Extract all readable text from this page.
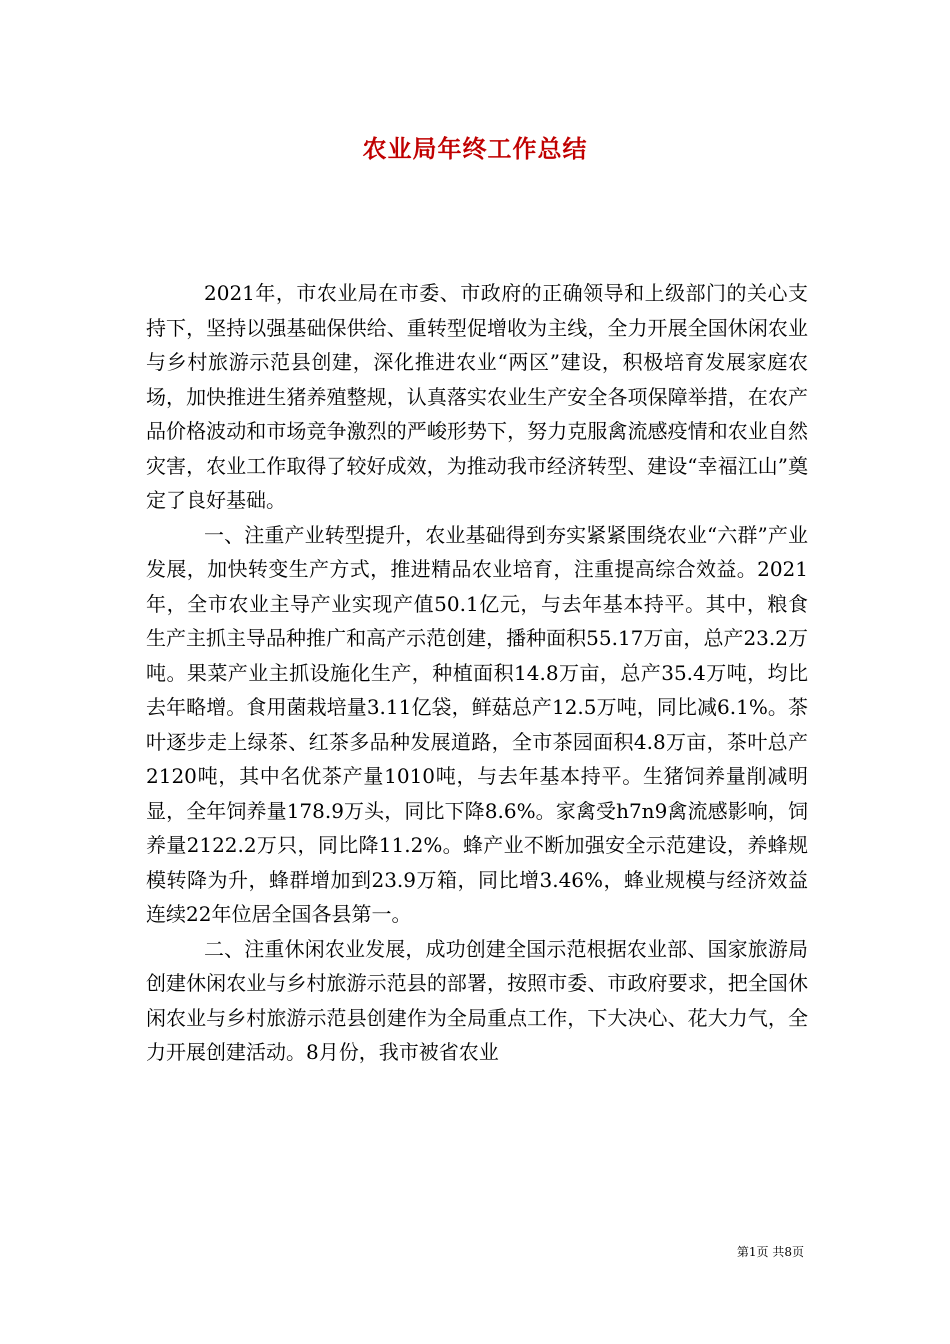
农业局年终工作总结

2021年，市农业局在市委、市政府的正确领导和上级部门的关心支持下，坚持以强基础保供给、重转型促增收为主线，全力开展全国休闲农业与乡村旅游示范县创建，深化推进农业“两区”建设，积极培育发展家庭农场，加快推进生猪养殖整规，认真落实农业生产安全各项保障举措，在农产品价格波动和市场竞争激烈的严峻形势下，努力克服禽流感疫情和农业自然灾害，农业工作取得了较好成效，为推动我市经济转型、建设“幸福江山”奠定了良好基础。

一、注重产业转型提升，农业基础得到夯实紧紧围绕农业“六群”产业发展，加快转变生产方式，推进精品农业培育，注重提高综合效益。2021年，全市农业主导产业实现产值50.1亿元，与去年基本持平。其中，粮食生产主抓主导品种推广和高产示范创建，播种面积55.17万亩，总产23.2万吨。果菜产业主抓设施化生产，种植面积14.8万亩，总产35.4万吨，均比去年略增。食用菌栽培量3.11亿袋，鲜菇总产12.5万吨，同比减6.1%。茶叶逐步走上绿茶、红茶多品种发展道路，全市茶园面积4.8万亩，茶叶总产2120吨，其中名优茶产量1010吨，与去年基本持平。生猪饲养量削减明显，全年饲养量178.9万头，同比下降8.6%。家禽受h7n9禽流感影响，饲养量2122.2万只，同比降11.2%。蜂产业不断加强安全示范建设，养蜂规模转降为升，蜂群增加到23.9万箱，同比增3.46%，蜂业规模与经济效益连续22年位居全国各县第一。

二、注重休闲农业发展，成功创建全国示范根据农业部、国家旅游局创建休闲农业与乡村旅游示范县的部署，按照市委、市政府要求，把全国休闲农业与乡村旅游示范县创建作为全局重点工作，下大决心、花大力气，全力开展创建活动。8月份，我市被省农业

第1页 共8页
